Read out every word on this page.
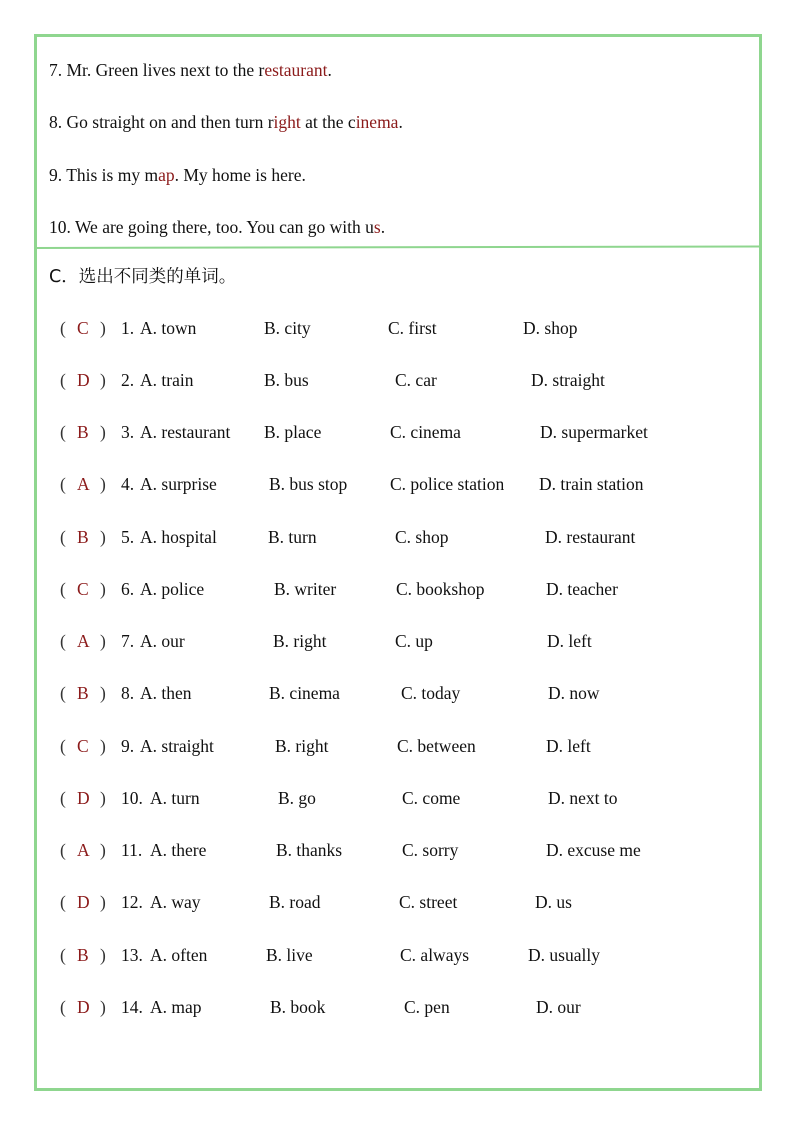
7. Mr. Green lives next to the restaurant.
8. Go straight on and then turn right at the cinema.
9. This is my map. My home is here.
10. We are going there, too. You can go with us.
C．选出不同类的单词。
( C ) 1. A. town	B. city	C. first	D. shop
( D ) 2. A. train	B. bus	C. car	D. straight
( B ) 3. A. restaurant B. place	C. cinema	D. supermarket
( A ) 4. A. surprise	B. bus stop C. police station D. train station
( B ) 5. A. hospital	B. turn	C. shop	D. restaurant
( C ) 6. A. police	B. writer	C. bookshop	D. teacher
( A ) 7. A. our	B. right	C. up	D. left
( B ) 8. A. then	B. cinema	C. today	D. now
( C ) 9. A. straight	B. right	C. between	D. left
( D ) 10. A. turn	B. go	C. come	D. next to
( A ) 11. A. there	B. thanks	C. sorry	D. excuse me
( D ) 12. A. way	B. road	C. street	D. us
( B ) 13. A. often	B. live	C. always	D. usually
( D ) 14. A. map	B. book	C. pen	D. our
